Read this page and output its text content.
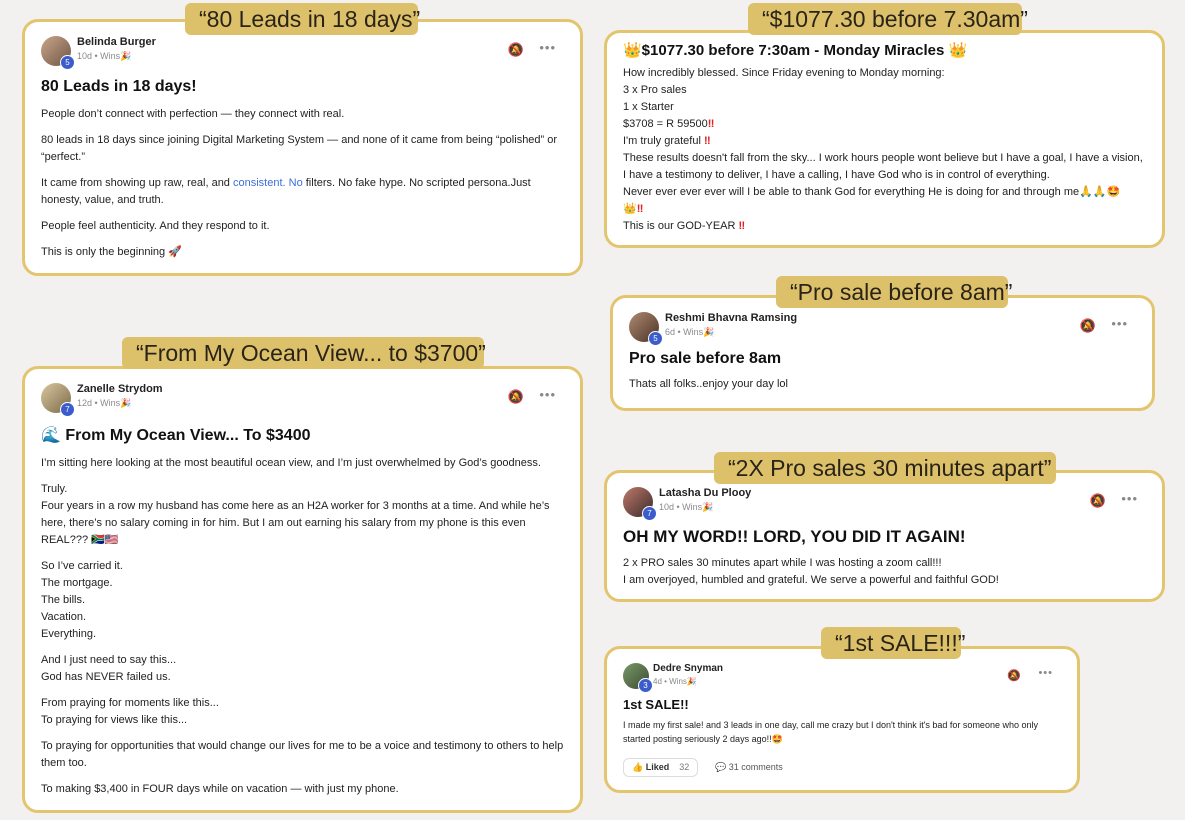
5
Belinda Burger
10d • Wins🎉	🔕 •••
80 Leads in 18 days!

People don’t connect with perfection — they connect with real.

80 leads in 18 days since joining Digital Marketing System — and none of it came from being “polished” or “perfect.”

It came from showing up raw, real, and consistent. No filters. No fake hype. No scripted persona.Just honesty, value, and truth.

People feel authenticity. And they respond to it.

This is only the beginning 🚀

“80 Leads in 18 days”
👑$1077.30 before 7:30am - Monday Miracles 👑

How incredibly blessed. Since Friday evening to Monday morning:

3 x Pro sales

1 x Starter

$3708 = R 59500‼

I'm truly grateful ‼

These results doesn't fall from the sky... I work hours people wont believe but I have a goal, I have a vision, I have a testimony to deliver, I have a calling, I have God who is in control of everything.

Never ever ever ever will I be able to thank God for everything He is doing for and through me🙏🙏🤩

👑‼

This is our GOD-YEAR ‼

“$1077.30 before 7.30am”
7
Zanelle Strydom
12d • Wins🎉	🔕 •••
🌊 From My Ocean View... To $3400

I’m sitting here looking at the most beautiful ocean view, and I’m just overwhelmed by God’s goodness.

Truly.

Four years in a row my husband has come here as an H2A worker for 3 months at a time. And while he’s here, there’s no salary coming in for him. But I am out earning his salary from my phone is this even REAL??? 🇿🇦🇺🇸

So I’ve carried it.

The mortgage.

The bills.

Vacation.

Everything.

And I just need to say this...

God has NEVER failed us.

From praying for moments like this...

To praying for views like this...

To praying for opportunities that would change our lives for me to be a voice and testimony to others to help them too.

To making $3,400 in FOUR days while on vacation — with just my phone.

“From My Ocean View... to $3700”
5
Reshmi Bhavna Ramsing
6d • Wins🎉	🔕 •••
Pro sale before 8am

Thats all folks..enjoy your day lol

“Pro sale before 8am”
7
Latasha Du Plooy
10d • Wins🎉	🔕 •••
OH MY WORD!! LORD, YOU DID IT AGAIN!

2 x PRO sales 30 minutes apart while I was hosting a zoom call!!!

I am overjoyed, humbled and grateful. We serve a powerful and faithful GOD!

“2X Pro sales 30 minutes apart”
3
Dedre Snyman
4d • Wins🎉	🔕 •••
1st SALE!!

I made my first sale! and 3 leads in one day, call me crazy but I don't think it's bad for someone who only started posting seriously 2 days ago!!🤩

👍 Liked 32	💬 31 comments
“1st SALE!!!”
